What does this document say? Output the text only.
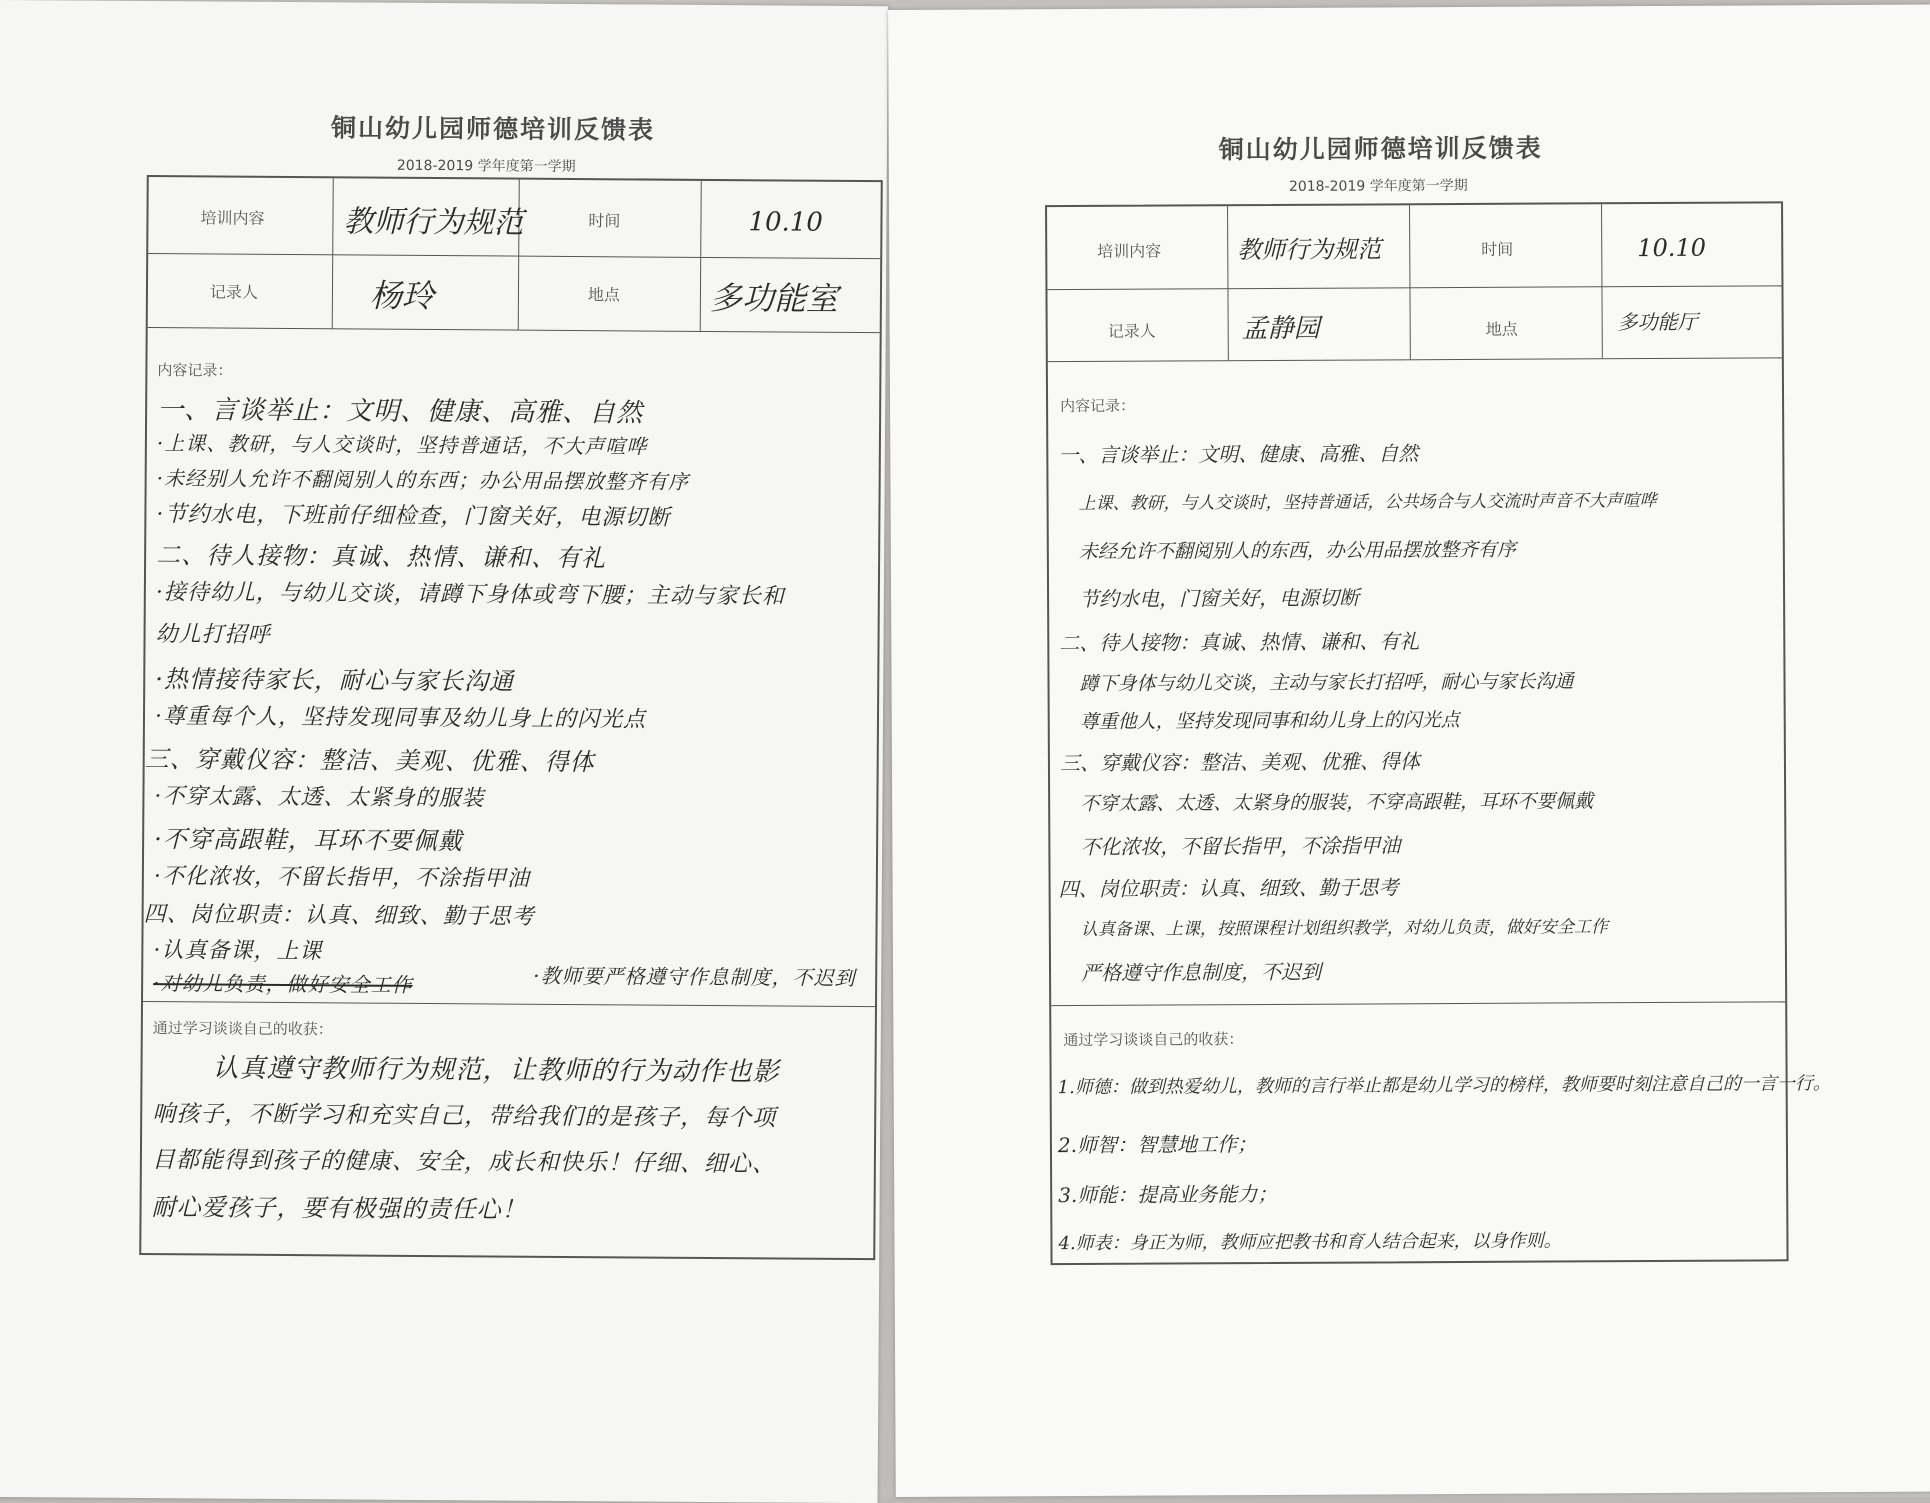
铜山幼儿园师德培训反馈表
2018-2019 学年度第一学期
培训内容	教师行为规范	时间	10.10
记录人	杨玲	地点	多功能室
内容记录：
一、言谈举止：文明、健康、高雅、自然
·上课、教研，与人交谈时，坚持普通话，不大声喧哗
·未经别人允许不翻阅别人的东西；办公用品摆放整齐有序
·节约水电，下班前仔细检查，门窗关好，电源切断
二、待人接物：真诚、热情、谦和、有礼
·接待幼儿，与幼儿交谈，请蹲下身体或弯下腰；主动与家长和
幼儿打招呼
·热情接待家长，耐心与家长沟通
·尊重每个人，坚持发现同事及幼儿身上的闪光点
三、穿戴仪容：整洁、美观、优雅、得体
·不穿太露、太透、太紧身的服装
·不穿高跟鞋，耳环不要佩戴
·不化浓妆，不留长指甲，不涂指甲油
四、岗位职责：认真、细致、勤于思考
·认真备课，上课
·对幼儿负责，做好安全工作	·教师要严格遵守作息制度，不迟到
通过学习谈谈自己的收获：
认真遵守教师行为规范，让教师的行为动作也影
响孩子，不断学习和充实自己，带给我们的是孩子，每个项
目都能得到孩子的健康、安全，成长和快乐！仔细、细心、
耐心爱孩子，要有极强的责任心！
铜山幼儿园师德培训反馈表
2018-2019 学年度第一学期
培训内容	教师行为规范	时间	10.10
记录人	孟静园	地点	多功能厅
内容记录：
一、言谈举止：文明、健康、高雅、自然
上课、教研，与人交谈时，坚持普通话，公共场合与人交流时声音不大声喧哗
未经允许不翻阅别人的东西，办公用品摆放整齐有序
节约水电，门窗关好，电源切断
二、待人接物：真诚、热情、谦和、有礼
蹲下身体与幼儿交谈，主动与家长打招呼，耐心与家长沟通
尊重他人，坚持发现同事和幼儿身上的闪光点
三、穿戴仪容：整洁、美观、优雅、得体
不穿太露、太透、太紧身的服装，不穿高跟鞋，耳环不要佩戴
不化浓妆，不留长指甲，不涂指甲油
四、岗位职责：认真、细致、勤于思考
认真备课、上课，按照课程计划组织教学，对幼儿负责，做好安全工作
严格遵守作息制度，不迟到
通过学习谈谈自己的收获：
1.师德：做到热爱幼儿，教师的言行举止都是幼儿学习的榜样，教师要时刻注意自己的一言一行。
2.师智：智慧地工作；
3.师能：提高业务能力；
4.师表：身正为师，教师应把教书和育人结合起来，以身作则。
